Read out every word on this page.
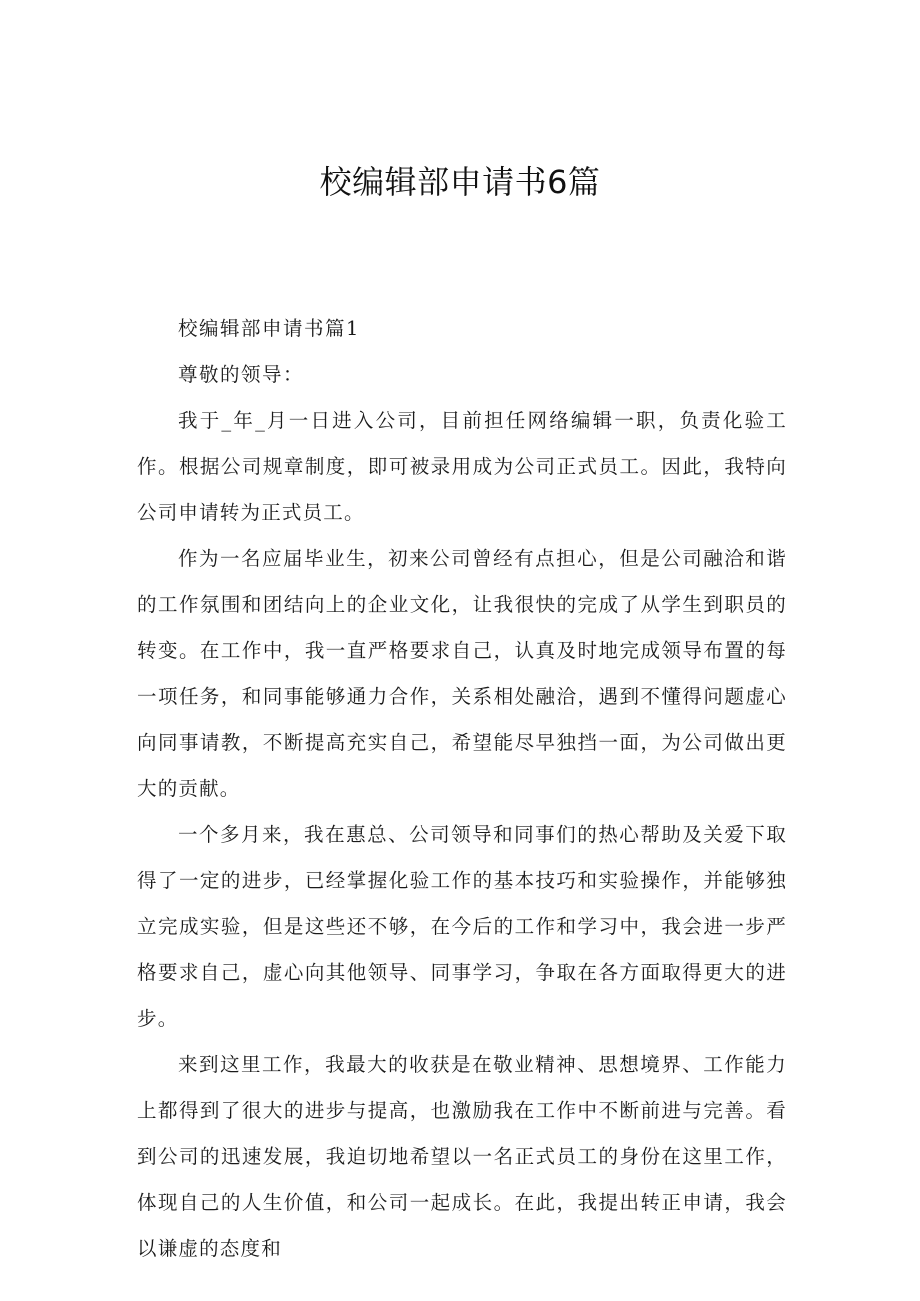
校编辑部申请书6篇

校编辑部申请书篇1

尊敬的领导：

我于_年_月一日进入公司，目前担任网络编辑一职，负责化验工作。根据公司规章制度，即可被录用成为公司正式员工。因此，我特向公司申请转为正式员工。

作为一名应届毕业生，初来公司曾经有点担心，但是公司融洽和谐的工作氛围和团结向上的企业文化，让我很快的完成了从学生到职员的转变。在工作中，我一直严格要求自己，认真及时地完成领导布置的每一项任务，和同事能够通力合作，关系相处融洽，遇到不懂得问题虚心向同事请教，不断提高充实自己，希望能尽早独挡一面，为公司做出更大的贡献。

一个多月来，我在惠总、公司领导和同事们的热心帮助及关爱下取得了一定的进步，已经掌握化验工作的基本技巧和实验操作，并能够独立完成实验，但是这些还不够，在今后的工作和学习中，我会进一步严格要求自己，虚心向其他领导、同事学习，争取在各方面取得更大的进步。

来到这里工作，我最大的收获是在敬业精神、思想境界、工作能力上都得到了很大的进步与提高，也激励我在工作中不断前进与完善。看到公司的迅速发展，我迫切地希望以一名正式员工的身份在这里工作，体现自己的人生价值，和公司一起成长。在此，我提出转正申请，我会以谦虚的态度和
